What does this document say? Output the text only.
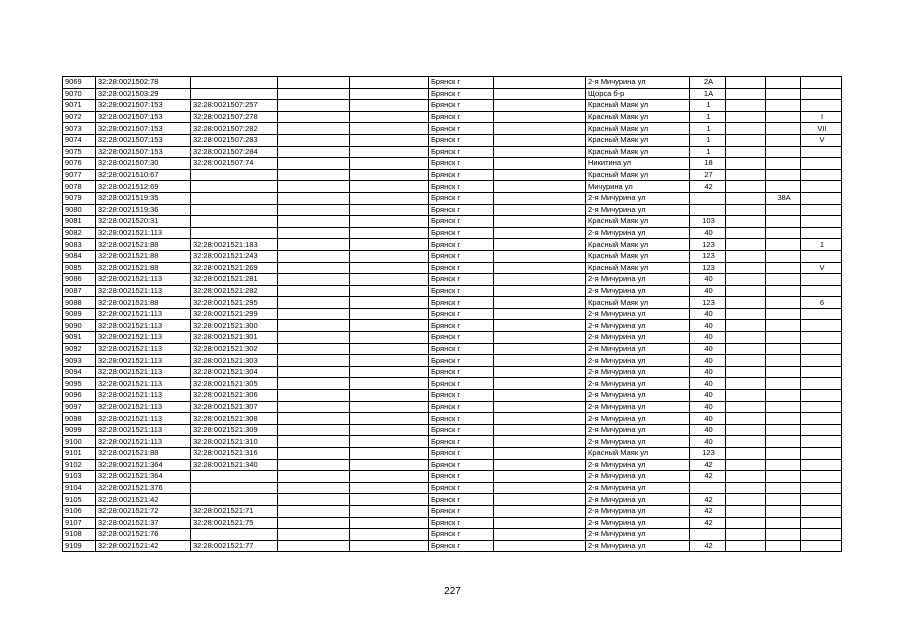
9069	32:28:0021502:78				Брянск г		2-я Мичурина ул	2А			
9070	32:28:0021503:29				Брянск г		Щорса б-р	1А			
9071	32:28:0021507:153	32:28:0021507:257			Брянск г		Красный Маяк ул	1			
9072	32:28:0021507:153	32:28:0021507:278			Брянск г		Красный Маяк ул	1			I
9073	32:28:0021507:153	32:28:0021507:282			Брянск г		Красный Маяк ул	1			VII
9074	32:28:0021507:153	32:28:0021507:283			Брянск г		Красный Маяк ул	1			V
9075	32:28:0021507:153	32:28:0021507:284			Брянск г		Красный Маяк ул	1			
9076	32:28:0021507:30	32:28:0021507:74			Брянск г		Никитина ул	18			
9077	32:28:0021510:67				Брянск г		Красный Маяк ул	27			
9078	32:28:0021512:69				Брянск г		Мичурина ул	42			
9079	32:28:0021519:35				Брянск г		2-я Мичурина ул			38А	
9080	32:28:0021519:36				Брянск г		2-я Мичурина ул				
9081	32:28:0021520:31				Брянск г		Красный Маяк ул	103			
9082	32:28:0021521:113				Брянск г		2-я Мичурина ул	40			
9083	32:28:0021521:88	32:28:0021521:183			Брянск г		Красный Маяк ул	123			1
9084	32:28:0021521:88	32:28:0021521:243			Брянск г		Красный Маяк ул	123			
9085	32:28:0021521:88	32:28:0021521:269			Брянск г		Красный Маяк ул	123			V
9086	32:28:0021521:113	32:28:0021521:281			Брянск г		2-я Мичурина ул	40			
9087	32:28:0021521:113	32:28:0021521:282			Брянск г		2-я Мичурина ул	40			
9088	32:28:0021521:88	32:28:0021521:295			Брянск г		Красный Маяк ул	123			6
9089	32:28:0021521:113	32:28:0021521:299			Брянск г		2-я Мичурина ул	40			
9090	32:28:0021521:113	32:28:0021521:300			Брянск г		2-я Мичурина ул	40			
9091	32:28:0021521:113	32:28:0021521:301			Брянск г		2-я Мичурина ул	40			
9092	32:28:0021521:113	32:28:0021521:302			Брянск г		2-я Мичурина ул	40			
9093	32:28:0021521:113	32:28:0021521:303			Брянск г		2-я Мичурина ул	40			
9094	32:28:0021521:113	32:28:0021521:304			Брянск г		2-я Мичурина ул	40			
9095	32:28:0021521:113	32:28:0021521:305			Брянск г		2-я Мичурина ул	40			
9096	32:28:0021521:113	32:28:0021521:306			Брянск г		2-я Мичурина ул	40			
9097	32:28:0021521:113	32:28:0021521:307			Брянск г		2-я Мичурина ул	40			
9098	32:28:0021521:113	32:28:0021521:308			Брянск г		2-я Мичурина ул	40			
9099	32:28:0021521:113	32:28:0021521:309			Брянск г		2-я Мичурина ул	40			
9100	32:28:0021521:113	32:28:0021521:310			Брянск г		2-я Мичурина ул	40			
9101	32:28:0021521:88	32:28:0021521:316			Брянск г		Красный Маяк ул	123			
9102	32:28:0021521:364	32:28:0021521:340			Брянск г		2-я Мичурина ул	42			
9103	32:28:0021521:364				Брянск г		2-я Мичурина ул	42			
9104	32:28:0021521:376				Брянск г		2-я Мичурина ул				
9105	32:28:0021521:42				Брянск г		2-я Мичурина ул	42			
9106	32:28:0021521:72	32:28:0021521:71			Брянск г		2-я Мичурина ул	42			
9107	32:28:0021521:37	32:28:0021521:75			Брянск г		2-я Мичурина ул	42			
9108	32:28:0021521:76				Брянск г		2-я Мичурина ул				
9109	32:28:0021521:42	32:28:0021521:77			Брянск г		2-я Мичурина ул	42			
227
